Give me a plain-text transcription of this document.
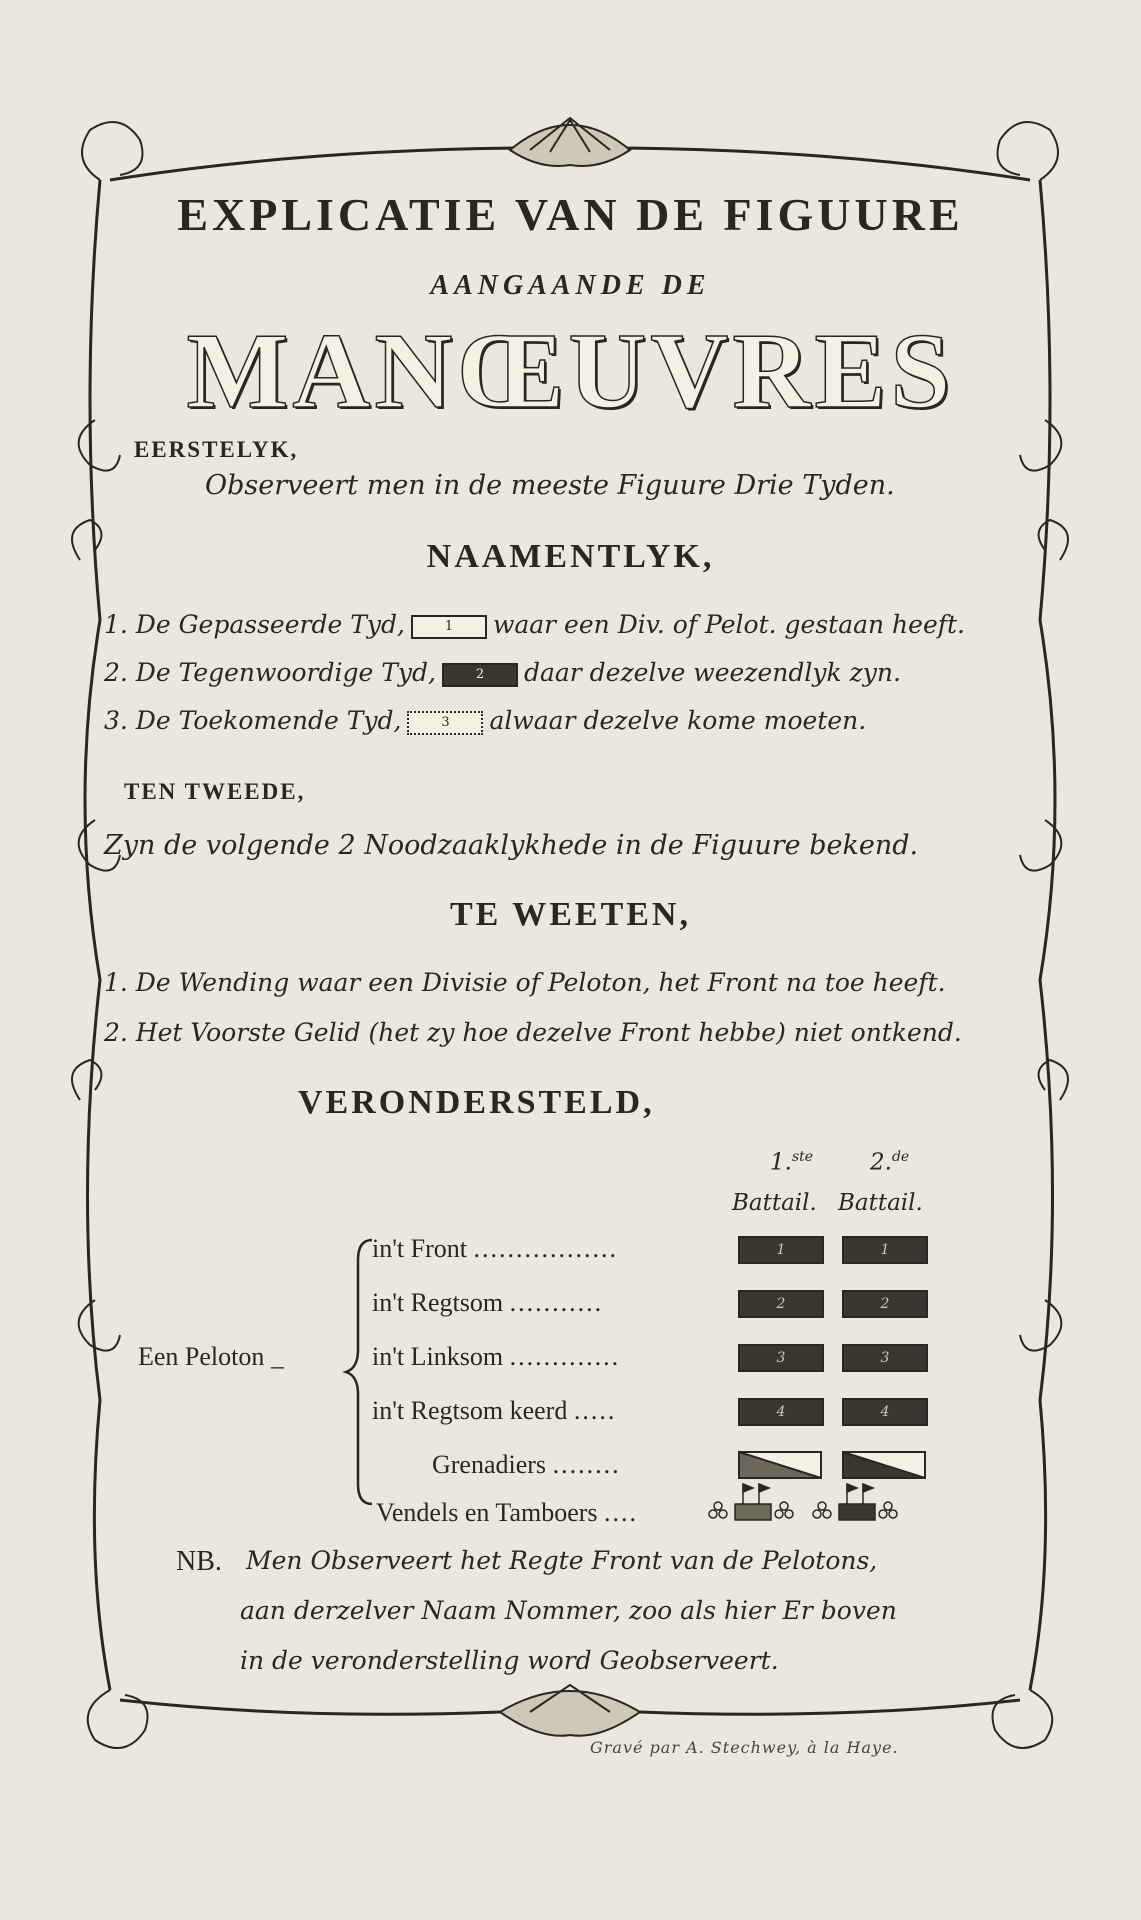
EXPLICATIE VAN DE FIGUURE
AANGAANDE DE
MANŒUVRES
EERSTELYK,
Observeert men in de meeste Figuure Drie Tyden.
NAAMENTLYK,
1. De Gepasseerde Tyd,	1 waar een Div. of Pelot. gestaan heeft.
2. De Tegenwoordige Tyd,	2 daar dezelve weezendlyk zyn.
3. De Toekomende Tyd,	3 alwaar dezelve kome moeten.
TEN TWEEDE,
Zyn de volgende 2 Noodzaaklykhede in de Figuure bekend.
TE WEETEN,
1. De Wending waar een Divisie of Peloton, het Front na toe heeft.
2. Het Voorste Gelid (het zy hoe dezelve Front hebbe) niet ontkend.
VERONDERSTELD,
1.$^{ste}$ 2.$^{de}$
Battail. Battail.
Een Peloton _
in't Front .................	1	1
in't Regtsom ...........	2	2
in't Linksom .............	3	3
in't Regtsom keerd .....	4	4
Grenadiers ........
Vendels en Tamboers ....
NB. Men Observeert het Regte Front van de Pelotons,
aan derzelver Naam Nommer, zoo als hier Er boven
in de veronderstelling word Geobserveert.
Gravé par A. Stechwey, à la Haye.
